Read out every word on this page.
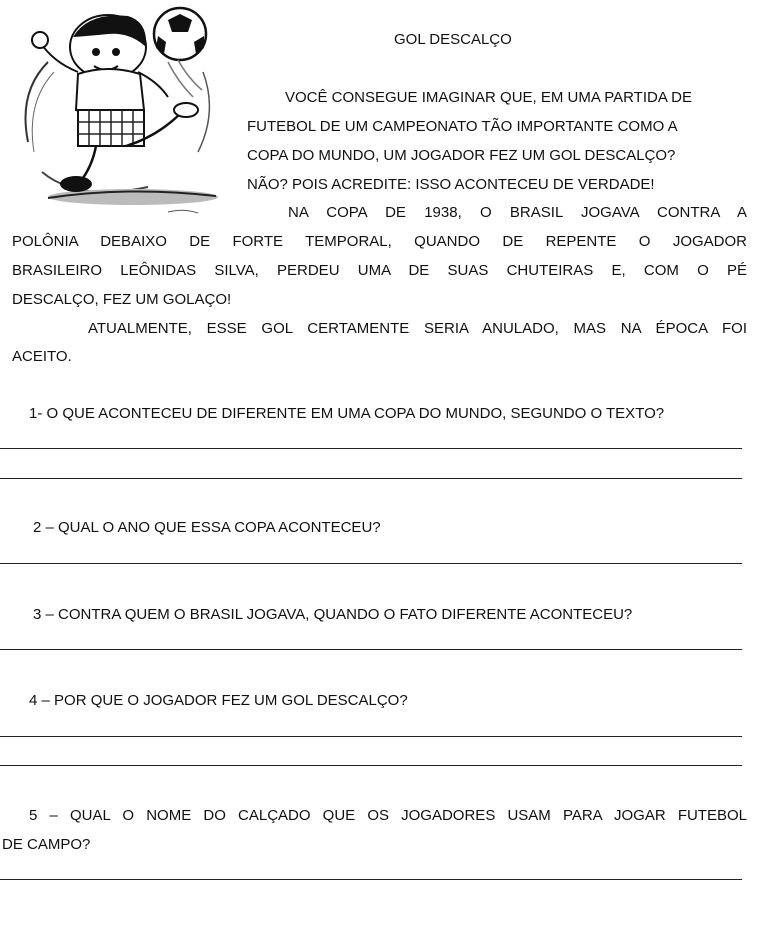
GOL DESCALÇO
VOCÊ CONSEGUE IMAGINAR QUE, EM UMA PARTIDA DE
FUTEBOL DE UM CAMPEONATO TÃO IMPORTANTE COMO A
COPA DO MUNDO, UM JOGADOR FEZ UM GOL DESCALÇO?
NÃO? POIS ACREDITE: ISSO ACONTECEU DE VERDADE!
NA COPA DE 1938, O BRASIL JOGAVA CONTRA A
POLÔNIA DEBAIXO DE FORTE TEMPORAL, QUANDO DE REPENTE O JOGADOR
BRASILEIRO LEÔNIDAS SILVA, PERDEU UMA DE SUAS CHUTEIRAS E, COM O PÉ
DESCALÇO, FEZ UM GOLAÇO!
ATUALMENTE, ESSE GOL CERTAMENTE SERIA ANULADO, MAS NA ÉPOCA FOI
ACEITO.
1- O QUE ACONTECEU DE DIFERENTE EM UMA COPA DO MUNDO, SEGUNDO O TEXTO?
2 – QUAL O ANO QUE ESSA COPA ACONTECEU?
3 – CONTRA QUEM O BRASIL JOGAVA, QUANDO O FATO DIFERENTE ACONTECEU?
4 – POR QUE O JOGADOR FEZ UM GOL DESCALÇO?
5 – QUAL O NOME DO CALÇADO QUE OS JOGADORES USAM PARA JOGAR FUTEBOL
DE CAMPO?
